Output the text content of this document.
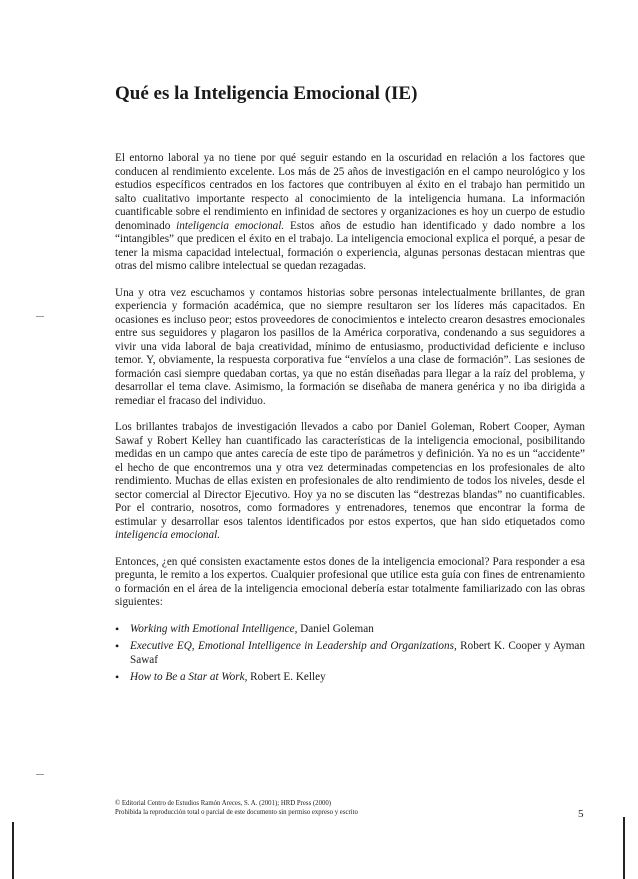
Qué es la Inteligencia Emocional (IE)

El entorno laboral ya no tiene por qué seguir estando en la oscuridad en relación a los factores que conducen al rendimiento excelente. Los más de 25 años de investigación en el campo neurológico y los estudios específicos centrados en los factores que contribuyen al éxito en el trabajo han permitido un salto cualitativo importante respecto al conocimiento de la inteligencia humana. La información cuantificable sobre el rendimiento en infinidad de sectores y organizaciones es hoy un cuerpo de estudio denominado inteligencia emocional. Estos años de estudio han identificado y dado nombre a los “intangibles” que predicen el éxito en el trabajo. La inteligencia emocional explica el porqué, a pesar de tener la misma capacidad intelectual, formación o experiencia, algunas personas destacan mientras que otras del mismo calibre intelectual se quedan rezagadas.

Una y otra vez escuchamos y contamos historias sobre personas intelectualmente brillantes, de gran experiencia y formación académica, que no siempre resultaron ser los líderes más capacitados. En ocasiones es incluso peor; estos proveedores de conocimientos e intelecto crearon desastres emocionales entre sus seguidores y plagaron los pasillos de la América corporativa, condenando a sus seguidores a vivir una vida laboral de baja creatividad, mínimo de entusiasmo, productividad deficiente e incluso temor. Y, obviamente, la respuesta corporativa fue “envíelos a una clase de formación”. Las sesiones de formación casi siempre quedaban cortas, ya que no están diseñadas para llegar a la raíz del problema, y desarrollar el tema clave. Asimismo, la formación se diseñaba de manera genérica y no iba dirigida a remediar el fracaso del individuo.

Los brillantes trabajos de investigación llevados a cabo por Daniel Goleman, Robert Cooper, Ayman Sawaf y Robert Kelley han cuantificado las características de la inteligencia emocional, posibilitando medidas en un campo que antes carecía de este tipo de parámetros y definición. Ya no es un “accidente” el hecho de que encontremos una y otra vez determinadas competencias en los profesionales de alto rendimiento. Muchas de ellas existen en profesionales de alto rendimiento de todos los niveles, desde el sector comercial al Director Ejecutivo. Hoy ya no se discuten las “destrezas blandas” no cuantificables. Por el contrario, nosotros, como formadores y entrenadores, tenemos que encontrar la forma de estimular y desarrollar esos talentos identificados por estos expertos, que han sido etiquetados como inteligencia emocional.

Entonces, ¿en qué consisten exactamente estos dones de la inteligencia emocional? Para responder a esa pregunta, le remito a los expertos. Cualquier profesional que utilice esta guía con fines de entrenamiento o formación en el área de la inteligencia emocional debería estar totalmente familiarizado con las obras siguientes:

• Working with Emotional Intelligence, Daniel Goleman
• Executive EQ, Emotional Intelligence in Leadership and Organizations, Robert K. Cooper y Ayman Sawaf
• How to Be a Star at Work, Robert E. Kelley
© Editorial Centro de Estudios Ramón Areces, S. A. (2001); HRD Press (2000)
Prohibida la reproducción total o parcial de este documento sin permiso expreso y escrito	5
